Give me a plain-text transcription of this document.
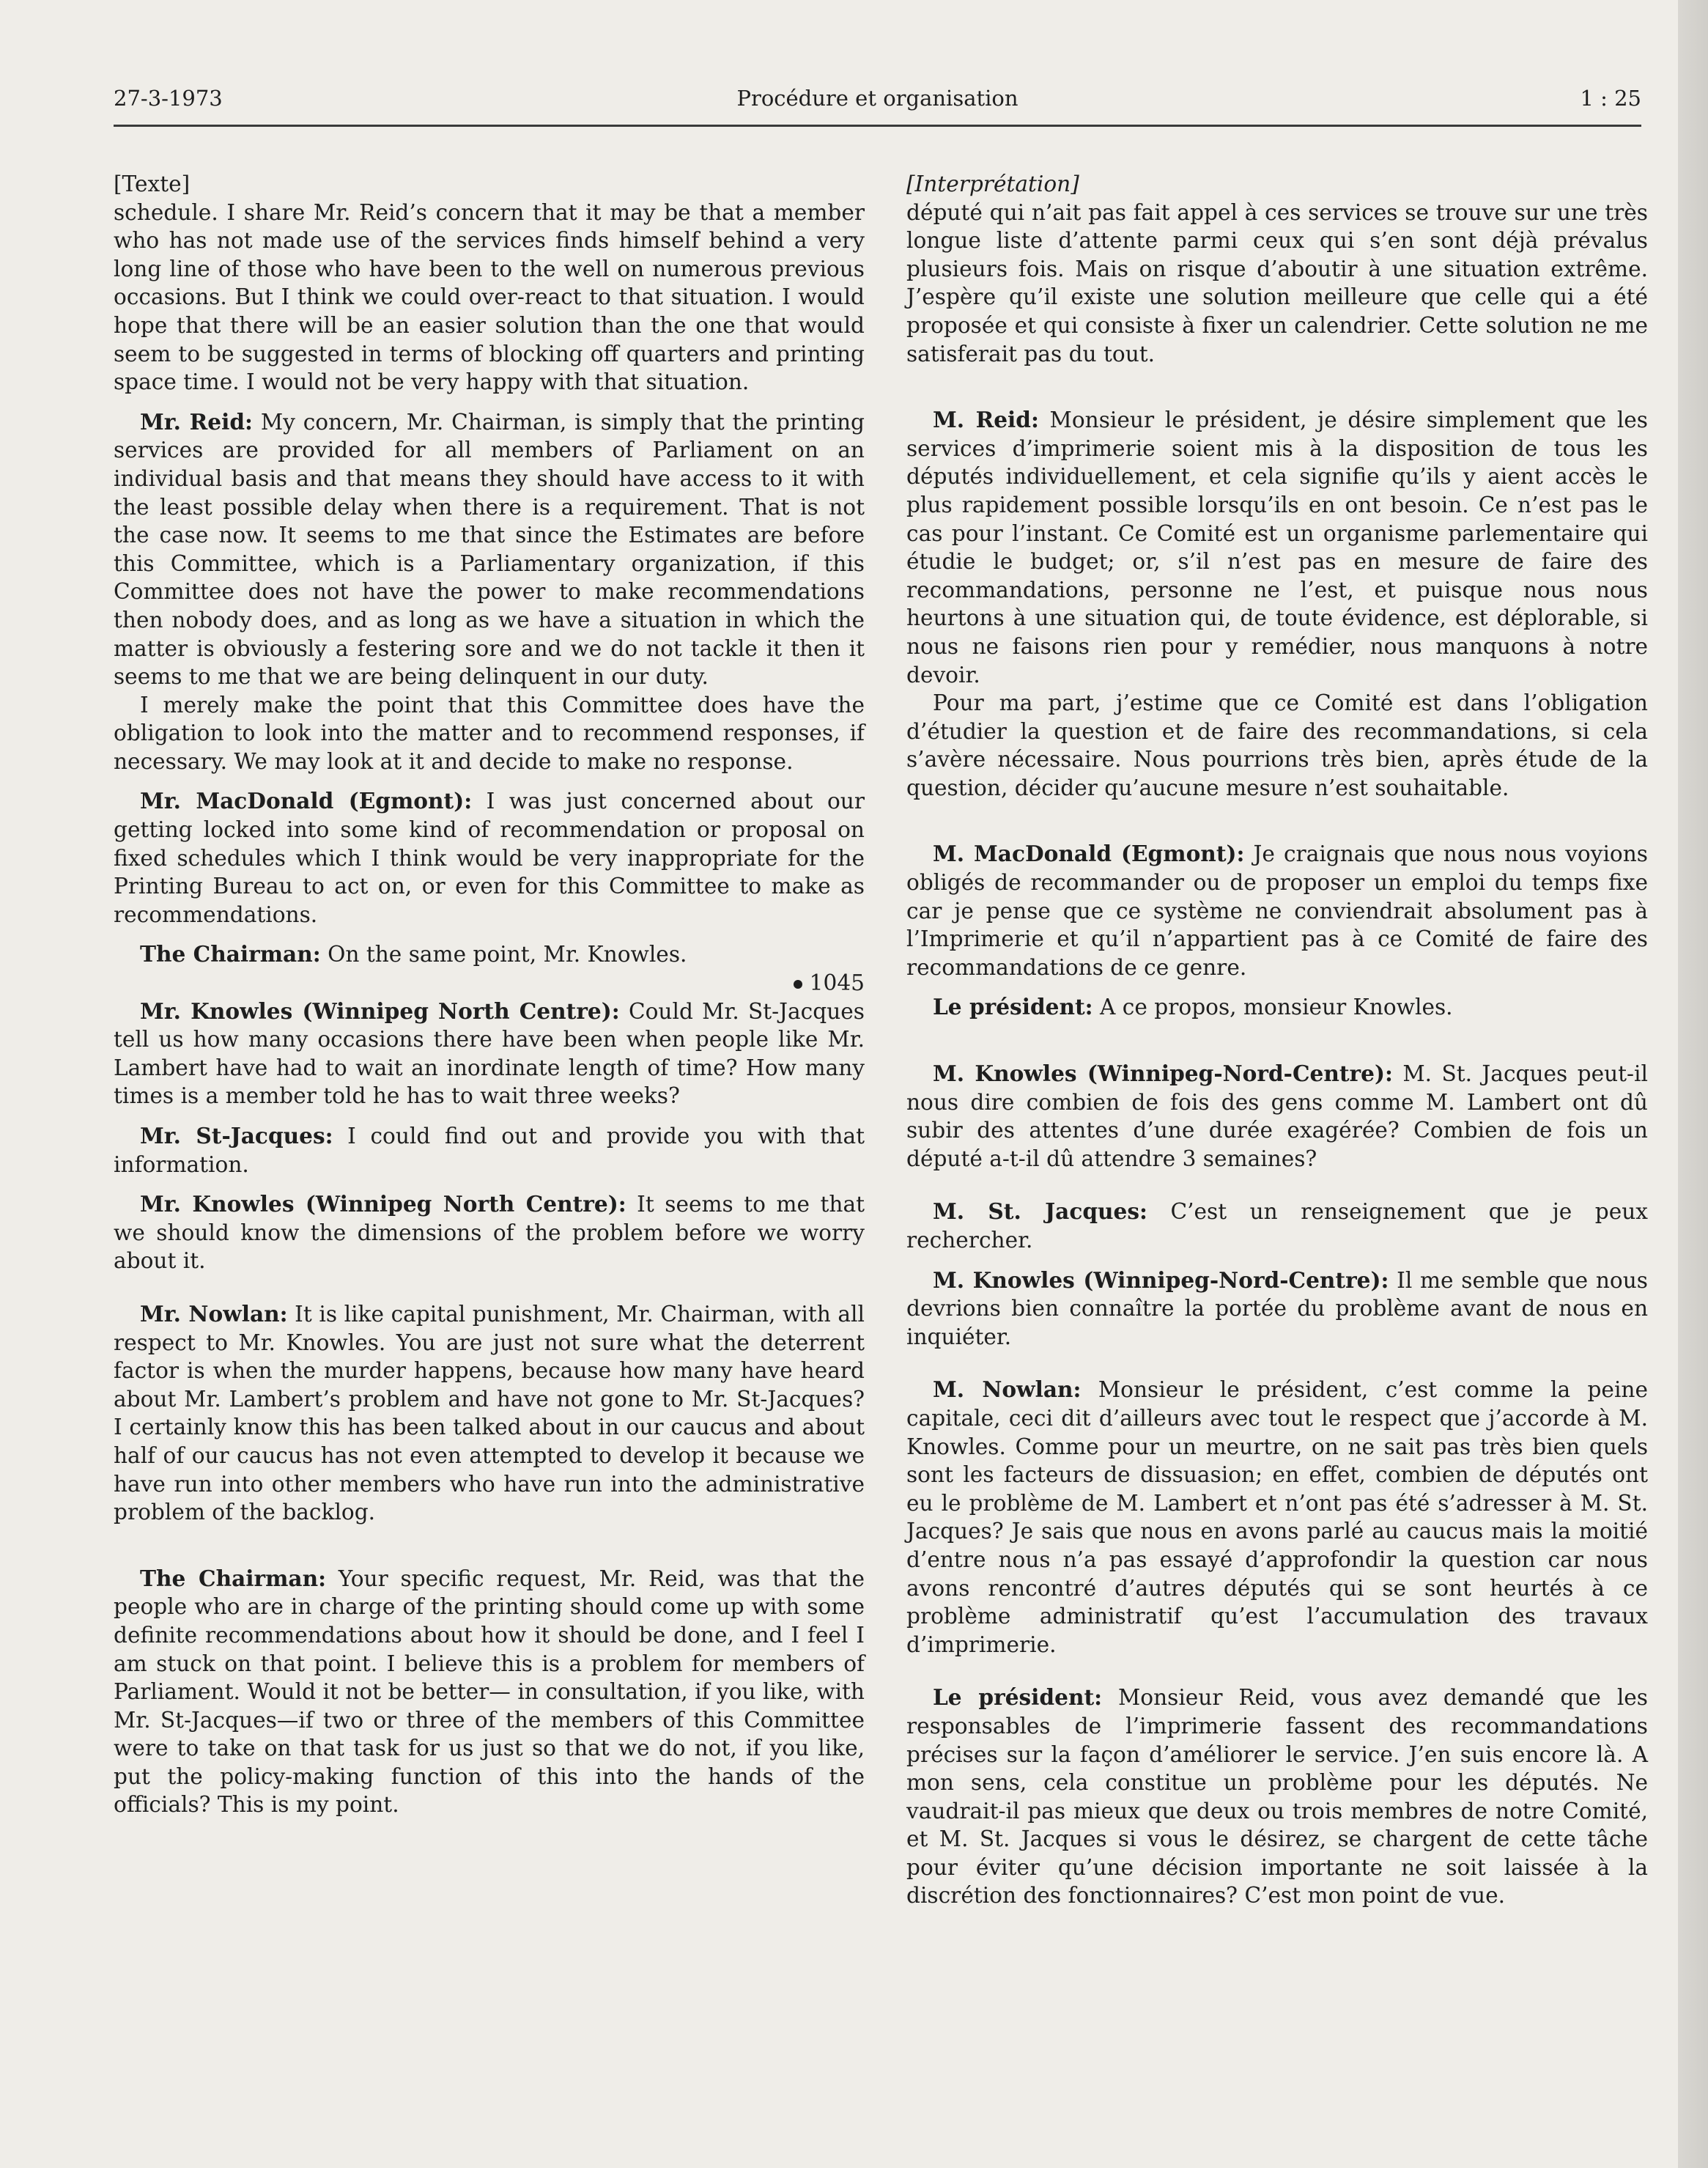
27-3-1973	Procédure et organisation	1 : 25

[Texte]

schedule. I share Mr. Reid’s concern that it may be that a member who has not made use of the services finds himself behind a very long line of those who have been to the well on numerous previous occasions. But I think we could over-react to that situation. I would hope that there will be an easier solution than the one that would seem to be suggested in terms of blocking off quarters and printing space time. I would not be very happy with that situation.

Mr. Reid: My concern, Mr. Chairman, is simply that the printing services are provided for all members of Parliament on an individual basis and that means they should have access to it with the least possible delay when there is a requirement. That is not the case now. It seems to me that since the Estimates are before this Committee, which is a Parliamentary organization, if this Committee does not have the power to make recommendations then nobody does, and as long as we have a situation in which the matter is obviously a festering sore and we do not tackle it then it seems to me that we are being delinquent in our duty.

I merely make the point that this Committee does have the obligation to look into the matter and to recommend responses, if necessary. We may look at it and decide to make no response.

Mr. MacDonald (Egmont): I was just concerned about our getting locked into some kind of recommendation or proposal on fixed schedules which I think would be very inappropriate for the Printing Bureau to act on, or even for this Committee to make as recommendations.

The Chairman: On the same point, Mr. Knowles.

1045

Mr. Knowles (Winnipeg North Centre): Could Mr. St-Jacques tell us how many occasions there have been when people like Mr. Lambert have had to wait an inordinate length of time? How many times is a member told he has to wait three weeks?

Mr. St-Jacques: I could find out and provide you with that information.

Mr. Knowles (Winnipeg North Centre): It seems to me that we should know the dimensions of the problem before we worry about it.

Mr. Nowlan: It is like capital punishment, Mr. Chairman, with all respect to Mr. Knowles. You are just not sure what the deterrent factor is when the murder happens, because how many have heard about Mr. Lambert’s problem and have not gone to Mr. St-Jacques? I certainly know this has been talked about in our caucus and about half of our caucus has not even attempted to develop it because we have run into other members who have run into the administrative problem of the backlog.

The Chairman: Your specific request, Mr. Reid, was that the people who are in charge of the printing should come up with some definite recommendations about how it should be done, and I feel I am stuck on that point. I believe this is a problem for members of Parliament. Would it not be better— in consultation, if you like, with Mr. St-Jacques—if two or three of the members of this Committee were to take on that task for us just so that we do not, if you like, put the policy-making function of this into the hands of the officials? This is my point.

[Interprétation]

député qui n’ait pas fait appel à ces services se trouve sur une très longue liste d’attente parmi ceux qui s’en sont déjà prévalus plusieurs fois. Mais on risque d’aboutir à une situation extrême. J’espère qu’il existe une solution meilleure que celle qui a été proposée et qui consiste à fixer un calendrier. Cette solution ne me satisferait pas du tout.

M. Reid: Monsieur le président, je désire simplement que les services d’imprimerie soient mis à la disposition de tous les députés individuellement, et cela signifie qu’ils y aient accès le plus rapidement possible lorsqu’ils en ont besoin. Ce n’est pas le cas pour l’instant. Ce Comité est un organisme parlementaire qui étudie le budget; or, s’il n’est pas en mesure de faire des recommandations, personne ne l’est, et puisque nous nous heurtons à une situation qui, de toute évidence, est déplorable, si nous ne faisons rien pour y remédier, nous manquons à notre devoir.

Pour ma part, j’estime que ce Comité est dans l’obligation d’étudier la question et de faire des recommandations, si cela s’avère nécessaire. Nous pourrions très bien, après étude de la question, décider qu’aucune mesure n’est souhaitable.

M. MacDonald (Egmont): Je craignais que nous nous voyions obligés de recommander ou de proposer un emploi du temps fixe car je pense que ce système ne conviendrait absolument pas à l’Imprimerie et qu’il n’appartient pas à ce Comité de faire des recommandations de ce genre.

Le président: A ce propos, monsieur Knowles.

M. Knowles (Winnipeg-Nord-Centre): M. St. Jacques peut-il nous dire combien de fois des gens comme M. Lambert ont dû subir des attentes d’une durée exagérée? Combien de fois un député a-t-il dû attendre 3 semaines?

M. St. Jacques: C’est un renseignement que je peux rechercher.

M. Knowles (Winnipeg-Nord-Centre): Il me semble que nous devrions bien connaître la portée du problème avant de nous en inquiéter.

M. Nowlan: Monsieur le président, c’est comme la peine capitale, ceci dit d’ailleurs avec tout le respect que j’accorde à M. Knowles. Comme pour un meurtre, on ne sait pas très bien quels sont les facteurs de dissuasion; en effet, combien de députés ont eu le problème de M. Lambert et n’ont pas été s’adresser à M. St. Jacques? Je sais que nous en avons parlé au caucus mais la moitié d’entre nous n’a pas essayé d’approfondir la question car nous avons rencontré d’autres députés qui se sont heurtés à ce problème administratif qu’est l’accumulation des travaux d’imprimerie.

Le président: Monsieur Reid, vous avez demandé que les responsables de l’imprimerie fassent des recommandations précises sur la façon d’améliorer le service. J’en suis encore là. A mon sens, cela constitue un problème pour les députés. Ne vaudrait-il pas mieux que deux ou trois membres de notre Comité, et M. St. Jacques si vous le désirez, se chargent de cette tâche pour éviter qu’une décision importante ne soit laissée à la discrétion des fonctionnaires? C’est mon point de vue.
